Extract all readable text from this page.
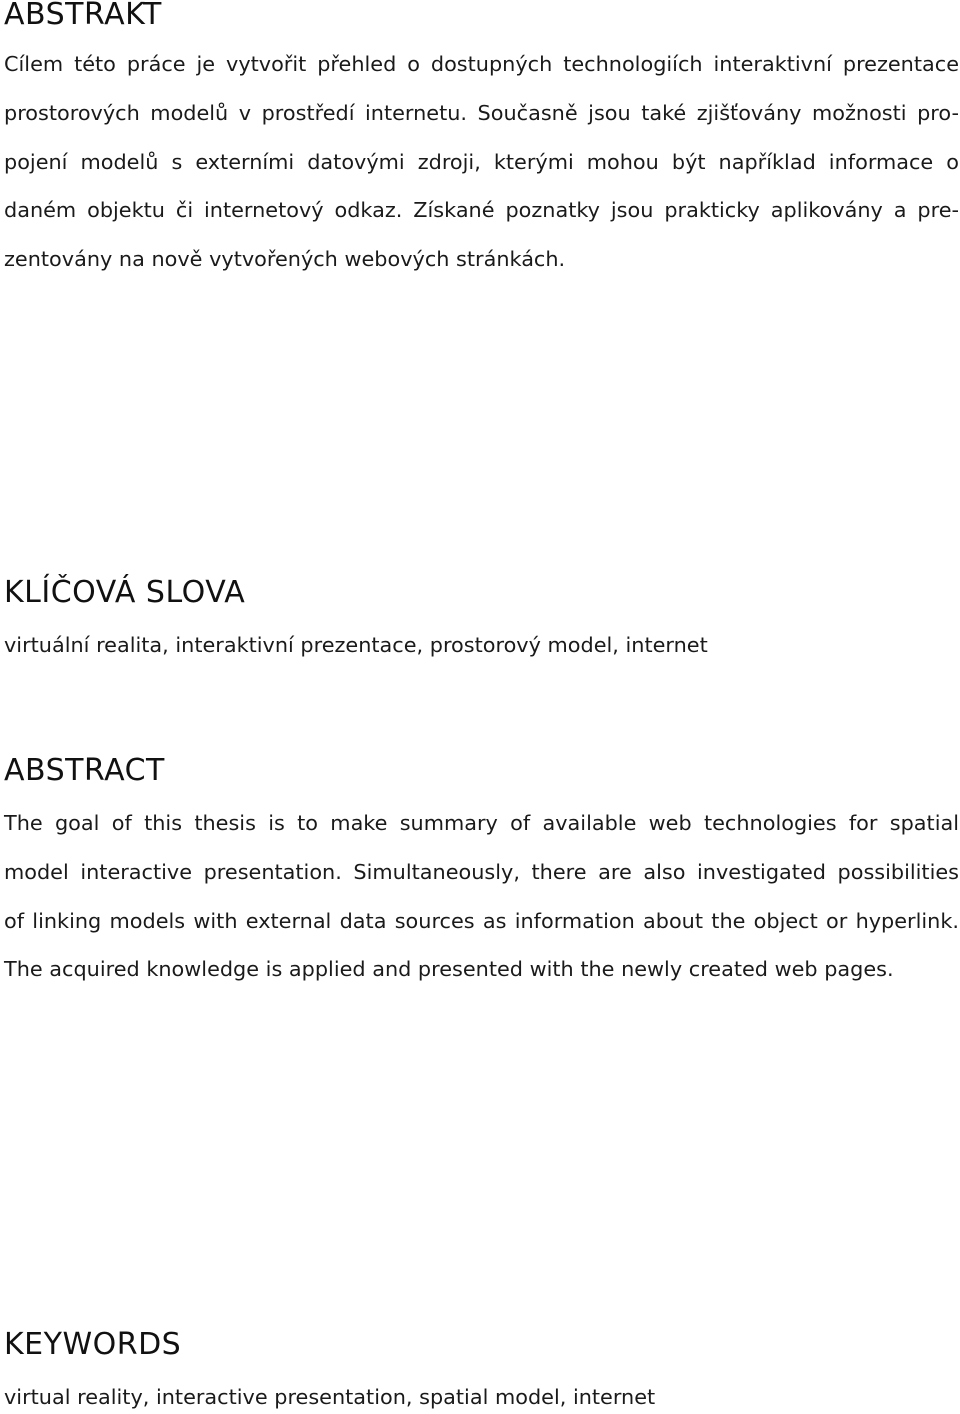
ABSTRAKT
Cílem této práce je vytvořit přehled o dostupných technologiích interaktivní prezentace
prostorových modelů v prostředí internetu. Současně jsou také zjišťovány možnosti pro-
pojení modelů s externími datovými zdroji, kterými mohou být například informace o
daném objektu či internetový odkaz. Získané poznatky jsou prakticky aplikovány a pre-
zentovány na nově vytvořených webových stránkách.
KLÍČOVÁ SLOVA

virtuální realita, interaktivní prezentace, prostorový model, internet

ABSTRACT
The goal of this thesis is to make summary of available web technologies for spatial
model interactive presentation. Simultaneously, there are also investigated possibilities
of linking models with external data sources as information about the object or hyperlink.
The acquired knowledge is applied and presented with the newly created web pages.
KEYWORDS

virtual reality, interactive presentation, spatial model, internet
